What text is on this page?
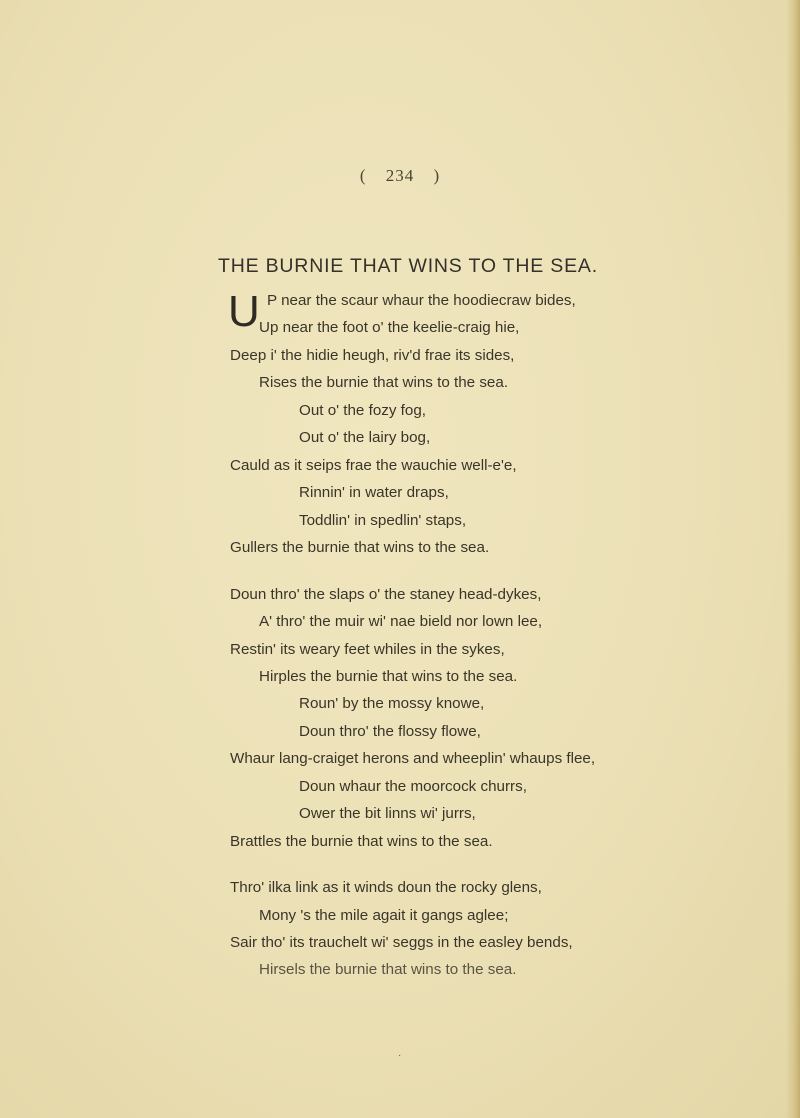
( 234 )
THE BURNIE THAT WINS TO THE SEA.
U P near the scaur whaur the hoodiecraw bides,
Up near the foot o' the keelie-craig hie,
Deep i' the hidie heugh, riv'd frae its sides,
Rises the burnie that wins to the sea.
Out o' the fozy fog,
Out o' the lairy bog,
Cauld as it seips frae the wauchie well-e'e,
Rinnin' in water draps,
Toddlin' in spedlin' staps,
Gullers the burnie that wins to the sea.
Doun thro' the slaps o' the staney head-dykes,
A' thro' the muir wi' nae bield nor lown lee,
Restin' its weary feet whiles in the sykes,
Hirples the burnie that wins to the sea.
Roun' by the mossy knowe,
Doun thro' the flossy flowe,
Whaur lang-craiget herons and wheeplin' whaups flee,
Doun whaur the moorcock churrs,
Ower the bit linns wi' jurrs,
Brattles the burnie that wins to the sea.
Thro' ilka link as it winds doun the rocky glens,
Mony 's the mile agait it gangs aglee;
Sair tho' its trauchelt wi' seggs in the easley bends,
Hirsels the burnie that wins to the sea.
·
